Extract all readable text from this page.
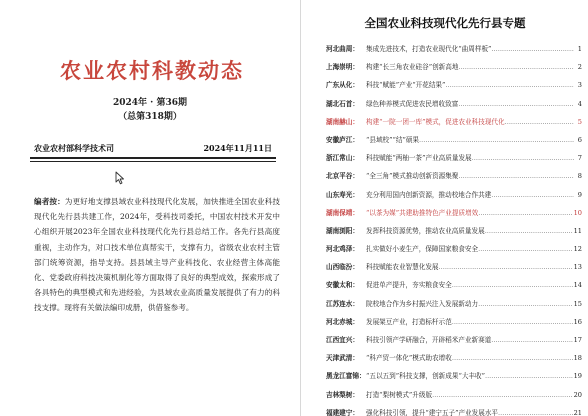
农业农村科教动态
2024年 · 第36期
（总第318期）
农业农村部科学技术司	2024年11月11日
编者按：为更好地支撑县域农业科技现代化发展，加快推进全国农业科技现代化先行县共建工作，2024年，受科技司委托，中国农村技术开发中心组织开展2023年全国农业科技现代化先行县总结工作。各先行县高度重视，主动作为，对口技术单位真帮实干，支撑有力，省级农业农村主管部门统筹资源，指导支持。县县域主导产业科技化、农业经营主体高能化、党委政府科技决策机制化等方面取得了良好的典型成效，探索形成了各具特色的典型模式和先进经验，为县域农业高质量发展提供了有力的科技支撑。现将有关做法编印成册，供借鉴参考。
全国农业科技现代化先行县专题
河北曲周： 集成先进技术，打造农业现代化“曲周样板” .....	1
上海崇明： 构建“长三角农业硅谷”创新高地 .....	2
广东从化： 科技“赋能”产业“开花结果” .....	3
湖北石首： 绿色种养模式促进农民增收致富 .....	4
湖南赫山： 构建“一院一团一库”模式，促进农业科技现代化 .....	5
安徽庐江： “县域校”“结”硕果 .....	6
浙江常山： 科技赋能“两柚一茶”产业高质量发展 .....	7
北京平谷： “全三角”模式推动创新资源集聚 .....	8
山东寿光： 充分利用国内创新资源，推动校地合作共建 .....	9
湖南保靖： “以茶为媒”共建助推特色产业提质增效 .....	10
湖南浏阳： 发挥科技资源优势，推动农业高质量发展 .....	11
河北鸡泽： 扎实做好小麦生产，保障国家粮食安全 .....	12
山西临汾： 科技赋能农业智慧化发展 .....	13
安徽太和： 促进单产提升，夯实粮食安全 .....	14
江苏连水： 院校地合作为乡村振兴注入发展新动力 .....	15
河北赤城： 发展架豆产业，打造标杆示范 .....	16
江西宜兴： 科技引领产学研融合，开辟稻米产业新赛道 .....	17
天津武清： “科产贸一体化”模式助农增收 .....	18
黑龙江富锦： “五以五到”科技支撑，创新成果“大丰收” .....	19
吉林梨树： 打造“梨树模式”升级版 .....	20
福建建宁： 强化科技引领，提升“建宁五子”产业发展水平 .....	21
